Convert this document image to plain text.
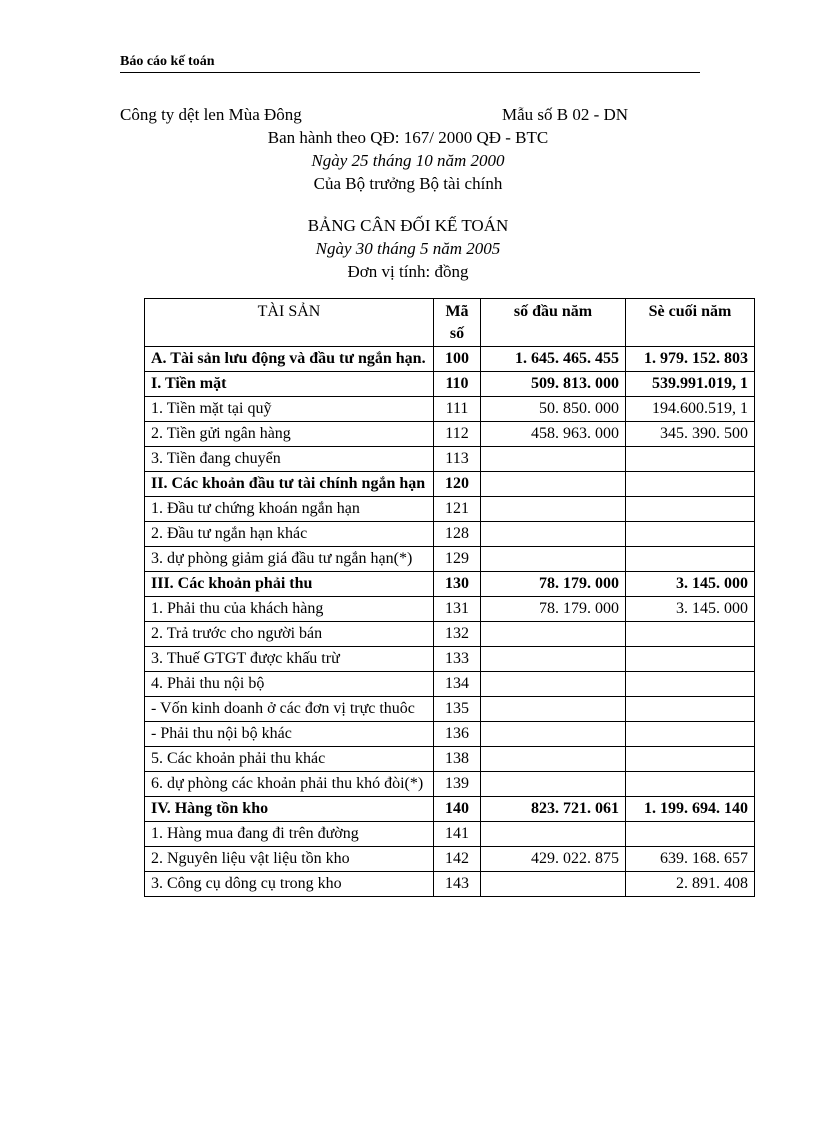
Báo cáo kế toán
Công ty dệt len Mùa Đông	Mẫu số B 02 - DN
Ban hành theo QĐ: 167/ 2000 QĐ - BTC
Ngày 25 tháng 10 năm 2000
Của Bộ trưởng Bộ tài chính
BẢNG CÂN ĐỐI KẾ TOÁN
Ngày 30 tháng 5 năm 2005
Đơn vị tính: đồng
TÀI SẢN	Mã số	số đầu năm	Sè cuối năm
A. Tài sản lưu động và đầu tư ngắn hạn.	100	1. 645. 465. 455	1. 979. 152. 803
I. Tiền mặt	110	509. 813. 000	539.991.019, 1
1. Tiền mặt tại quỹ	111	50. 850. 000	194.600.519, 1
2. Tiền gửi ngân hàng	112	458. 963. 000	345. 390. 500
3. Tiền đang chuyển	113		
II. Các khoản đầu tư tài chính ngắn hạn	120		
1. Đầu tư chứng khoán ngắn hạn	121		
2. Đầu tư ngắn hạn khác	128		
3. dự phòng giảm giá đầu tư ngắn hạn(*)	129		
III. Các khoản phải thu	130	78. 179. 000	3. 145. 000
1. Phải thu của khách hàng	131	78. 179. 000	3. 145. 000
2. Trả trước cho người bán	132		
3. Thuế GTGT được khấu trừ	133		
4. Phải thu nội bộ	134		
- Vốn kinh doanh ở các đơn vị trực thuôc	135		
- Phải thu nội bộ khác	136		
5. Các khoản phải thu khác	138		
6. dự phòng các khoản phải thu khó đòi(*)	139		
IV. Hàng tồn kho	140	823. 721. 061	1. 199. 694. 140
1. Hàng mua đang đi trên đường	141		
2. Nguyên liệu vật liệu tồn kho	142	429. 022. 875	639. 168. 657
3. Công cụ dông cụ trong kho	143		2. 891. 408
